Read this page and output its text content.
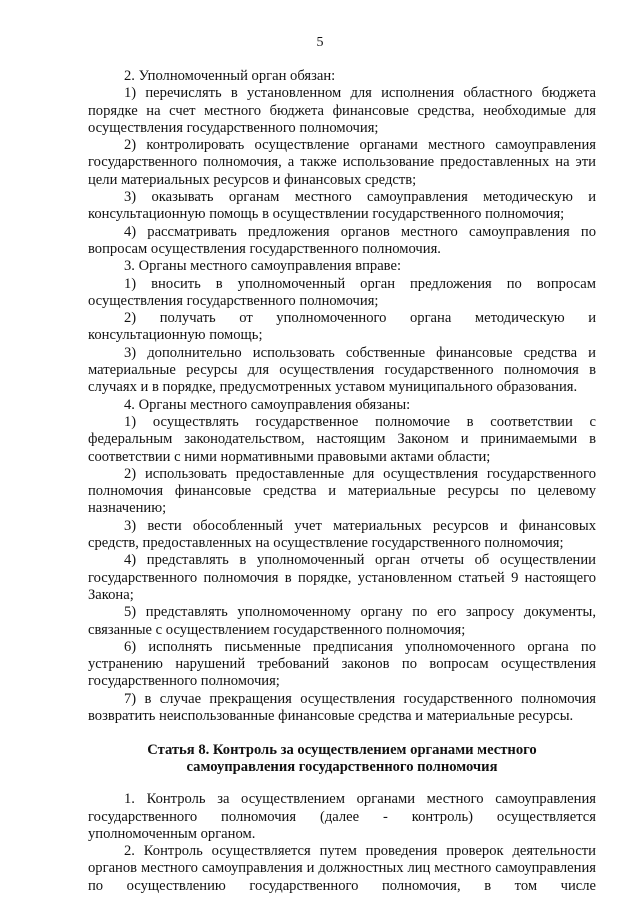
5

2. Уполномоченный орган обязан:

1) перечислять в установленном для исполнения областного бюджета порядке на счет местного бюджета финансовые средства, необходимые для осуществления государственного полномочия;

2) контролировать осуществление органами местного самоуправления государственного полномочия, а также использование предоставленных на эти цели материальных ресурсов и финансовых средств;

3) оказывать органам местного самоуправления методическую и консультационную помощь в осуществлении государственного полномочия;

4) рассматривать предложения органов местного самоуправления по вопросам осуществления государственного полномочия.

3. Органы местного самоуправления вправе:

1) вносить в уполномоченный орган предложения по вопросам осуществления государственного полномочия;

2) получать от уполномоченного органа методическую и консультационную помощь;

3) дополнительно использовать собственные финансовые средства и материальные ресурсы для осуществления государственного полномочия в случаях и в порядке, предусмотренных уставом муниципального образования.

4. Органы местного самоуправления обязаны:

1) осуществлять государственное полномочие в соответствии с федеральным законодательством, настоящим Законом и принимаемыми в соответствии с ними нормативными правовыми актами области;

2) использовать предоставленные для осуществления государственного полномочия финансовые средства и материальные ресурсы по целевому назначению;

3) вести обособленный учет материальных ресурсов и финансовых средств, предоставленных на осуществление государственного полномочия;

4) представлять в уполномоченный орган отчеты об осуществлении государственного полномочия в порядке, установленном статьей 9 настоящего Закона;

5) представлять уполномоченному органу по его запросу документы, связанные с осуществлением государственного полномочия;

6) исполнять письменные предписания уполномоченного органа по устранению нарушений требований законов по вопросам осуществления государственного полномочия;

7) в случае прекращения осуществления государственного полномочия возвратить неиспользованные финансовые средства и материальные ресурсы.

Статья 8. Контроль за осуществлением органами местного
самоуправления государственного полномочия

1. Контроль за осуществлением органами местного самоуправления государственного полномочия (далее - контроль) осуществляется уполномоченным органом.

2. Контроль осуществляется путем проведения проверок деятельности органов местного самоуправления и должностных лиц местного самоуправления по осуществлению государственного полномочия, в том числе
